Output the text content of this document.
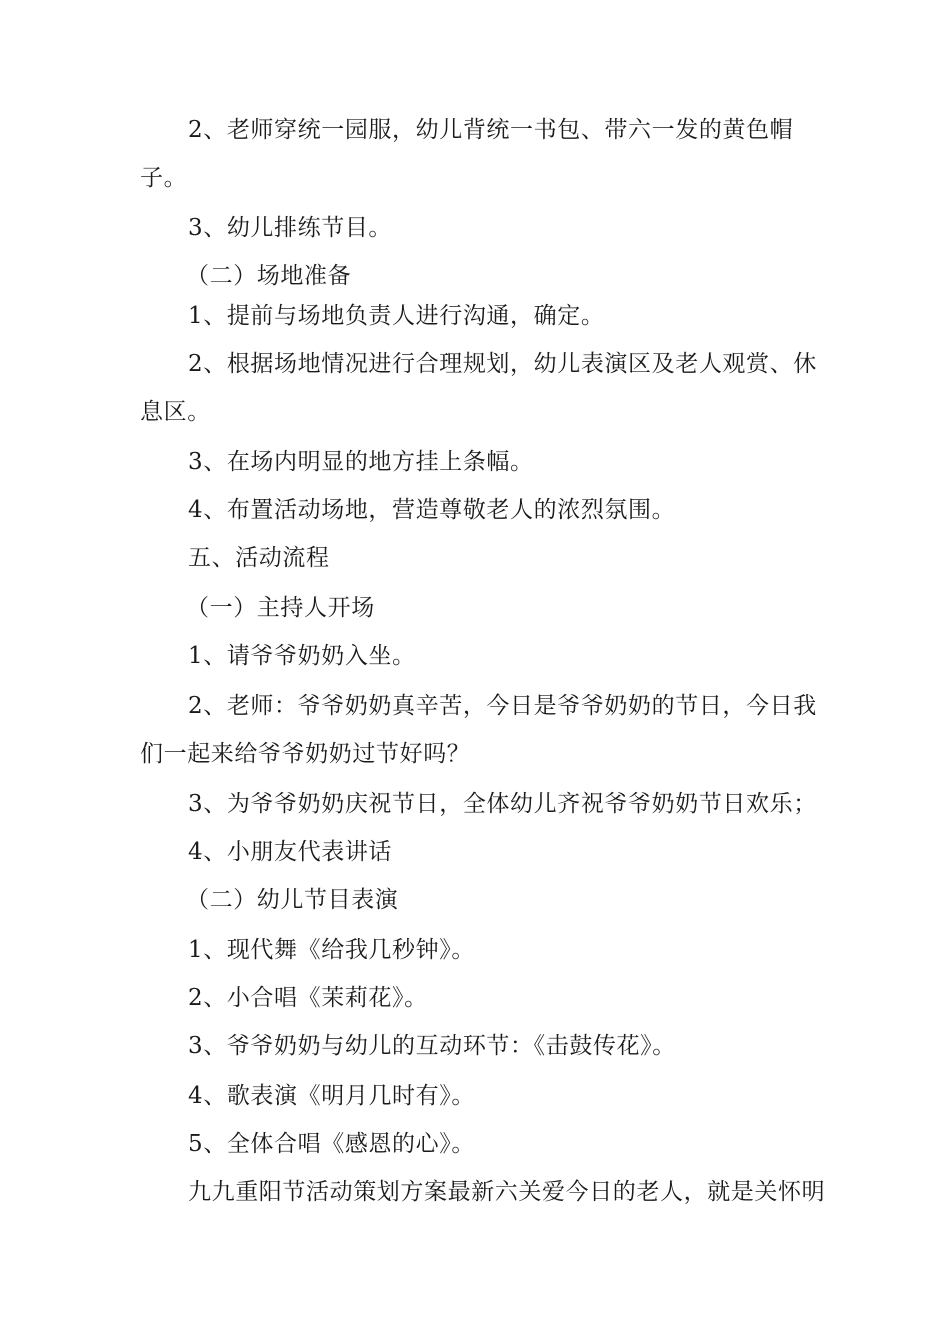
2、老师穿统一园服，幼儿背统一书包、带六一发的黄色帽子。

3、幼儿排练节目。

（二）场地准备

1、提前与场地负责人进行沟通，确定。

2、根据场地情况进行合理规划，幼儿表演区及老人观赏、休息区。

3、在场内明显的地方挂上条幅。

4、布置活动场地，营造尊敬老人的浓烈氛围。

五、活动流程

（一）主持人开场

1、请爷爷奶奶入坐。

2、老师：爷爷奶奶真辛苦，今日是爷爷奶奶的节日，今日我们一起来给爷爷奶奶过节好吗？

3、为爷爷奶奶庆祝节日，全体幼儿齐祝爷爷奶奶节日欢乐；

4、小朋友代表讲话

（二）幼儿节目表演

1、现代舞《给我几秒钟》。

2、小合唱《茉莉花》。

3、爷爷奶奶与幼儿的互动环节：《击鼓传花》。

4、歌表演《明月几时有》。

5、全体合唱《感恩的心》。

九九重阳节活动策划方案最新六关爱今日的老人，就是关怀明
